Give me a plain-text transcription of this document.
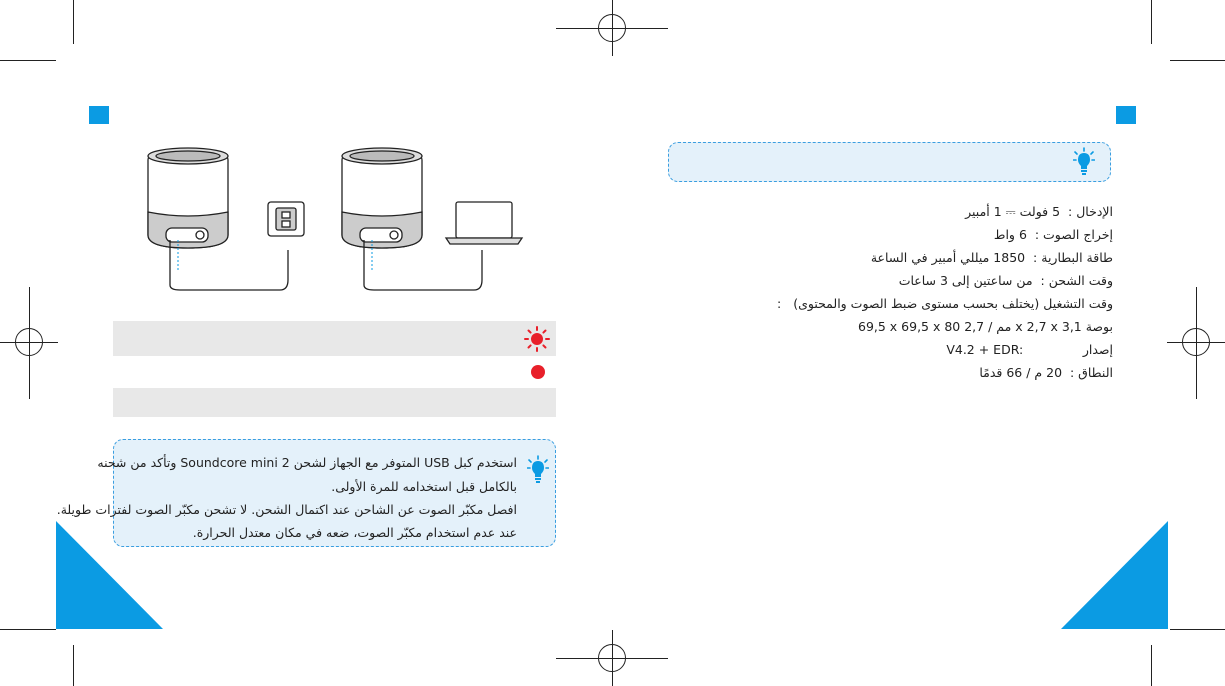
استخدم كبل USB المتوفر مع الجهاز لشحن Soundcore mini 2 وتأكد من شحنه
بالكامل قبل استخدامه للمرة الأولى.
افصل مكبّر الصوت عن الشاحن عند اكتمال الشحن. لا تشحن مكبّر الصوت لفترات طويلة.
عند عدم استخدام مكبّر الصوت، ضعه في مكان معتدل الحرارة.
الإدخال :  5 فولت ⎓ 1 أمبير
إخراج الصوت :  6 واط
طاقة البطارية :  1850 ميللي أمبير في الساعة
وقت الشحن :  من ساعتين إلى 3 ساعات
وقت التشغيل (يختلف بحسب مستوى ضبط الصوت والمحتوى)   :
69,5 x 69,5 x 80 مم / 2,7 x 2,7 x 3,1 بوصة
إصدار               V4.2 + EDR:
النطاق :  20 م / 66 قدمًا
